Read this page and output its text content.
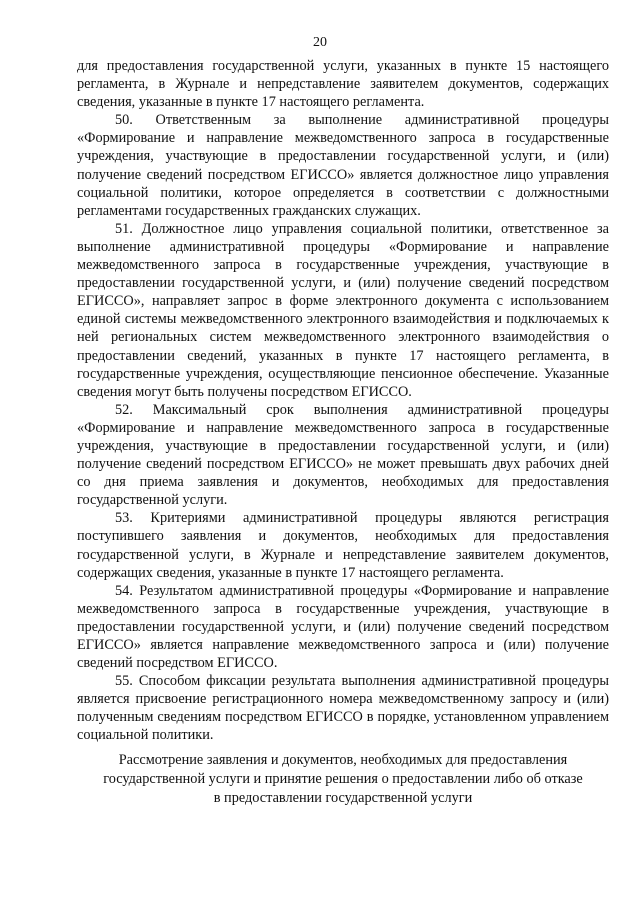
20

для предоставления государственной услуги, указанных в пункте 15 настоящего регламента, в Журнале и непредставление заявителем документов, содержащих сведения, указанные в пункте 17 настоящего регламента.

50. Ответственным за выполнение административной процедуры «Формирование и направление межведомственного запроса в государственные учреждения, участвующие в предоставлении государственной услуги, и (или) получение сведений посредством ЕГИССО» является должностное лицо управления социальной политики, которое определяется в соответствии с должностными регламентами государственных гражданских служащих.

51. Должностное лицо управления социальной политики, ответственное за выполнение административной процедуры «Формирование и направление межведомственного запроса в государственные учреждения, участвующие в предоставлении государственной услуги, и (или) получение сведений посредством ЕГИССО», направляет запрос в форме электронного документа с использованием единой системы межведомственного электронного взаимодействия и подключаемых к ней региональных систем межведомственного электронного взаимодействия о предоставлении сведений, указанных в пункте 17 настоящего регламента, в государственные учреждения, осуществляющие пенсионное обеспечение. Указанные сведения могут быть получены посредством ЕГИССО.

52. Максимальный срок выполнения административной процедуры «Формирование и направление межведомственного запроса в государственные учреждения, участвующие в предоставлении государственной услуги, и (или) получение сведений посредством ЕГИССО» не может превышать двух рабочих дней со дня приема заявления и документов, необходимых для предоставления государственной услуги.

53. Критериями административной процедуры являются регистрация поступившего заявления и документов, необходимых для предоставления государственной услуги, в Журнале и непредставление заявителем документов, содержащих сведения, указанные в пункте 17 настоящего регламента.

54. Результатом административной процедуры «Формирование и направление межведомственного запроса в государственные учреждения, участвующие в предоставлении государственной услуги, и (или) получение сведений посредством ЕГИССО» является направление межведомственного запроса и (или) получение сведений посредством ЕГИССО.

55. Способом фиксации результата выполнения административной процедуры является присвоение регистрационного номера межведомственному запросу и (или) полученным сведениям посредством ЕГИССО в порядке, установленном управлением социальной политики.

Рассмотрение заявления и документов, необходимых для предоставления
государственной услуги и принятие решения о предоставлении либо об отказе
в предоставлении государственной услуги
